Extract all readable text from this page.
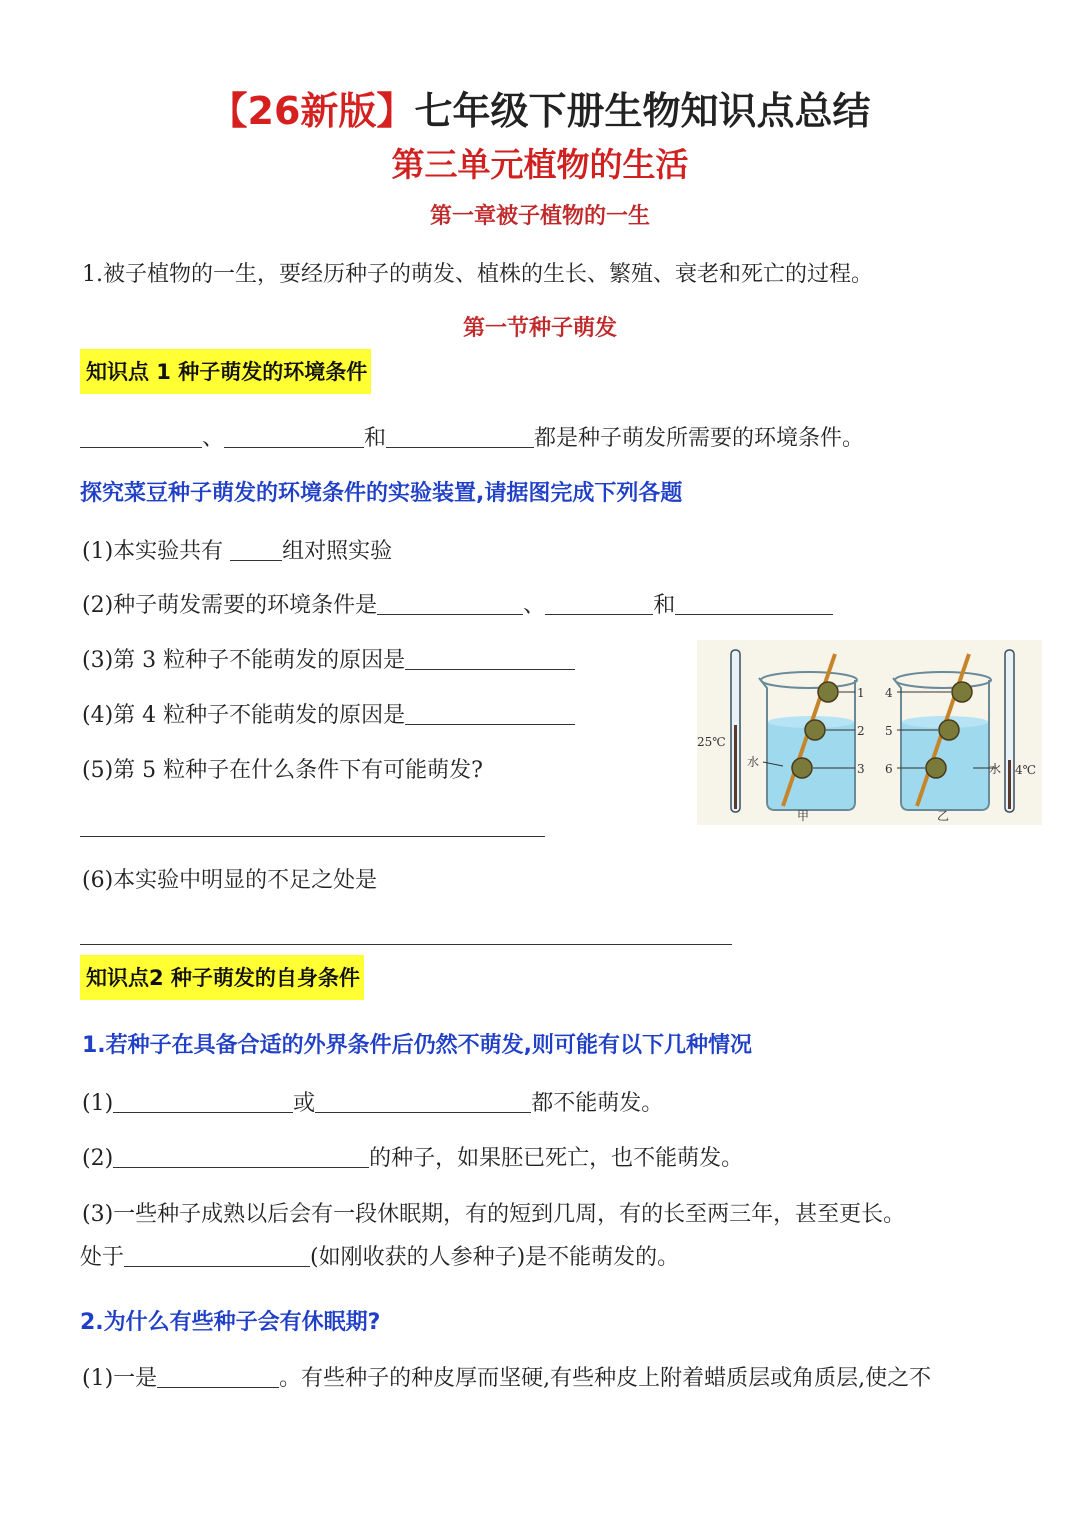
【26新版】七年级下册生物知识点总结
第三单元植物的生活
第一章被子植物的一生
1.被子植物的一生，要经历种子的萌发、植株的生长、繁殖、衰老和死亡的过程。
第一节种子萌发
知识点 1 种子萌发的环境条件
、	和	都是种子萌发所需要的环境条件。
探究菜豆种子萌发的环境条件的实验装置,请据图完成下列各题
(1)本实验共有 组对照实验
(2)种子萌发需要的环境条件是	、	和
(3)第 3 粒种子不能萌发的原因是
(4)第 4 粒种子不能萌发的原因是
(5)第 5 粒种子在什么条件下有可能萌发?
(6)本实验中明显的不足之处是
25℃
1
2
3
水
甲
4
5
6	水
乙
4℃
知识点2 种子萌发的自身条件
1.若种子在具备合适的外界条件后仍然不萌发,则可能有以下几种情况
(1)	或	都不能萌发。
(2)	的种子，如果胚已死亡，也不能萌发。
(3)一些种子成熟以后会有一段休眠期，有的短到几周，有的长至两三年，甚至更长。
处于	(如刚收获的人参种子)是不能萌发的。
2.为什么有些种子会有休眠期?
(1)一是	。有些种子的种皮厚而坚硬,有些种皮上附着蜡质层或角质层,使之不
